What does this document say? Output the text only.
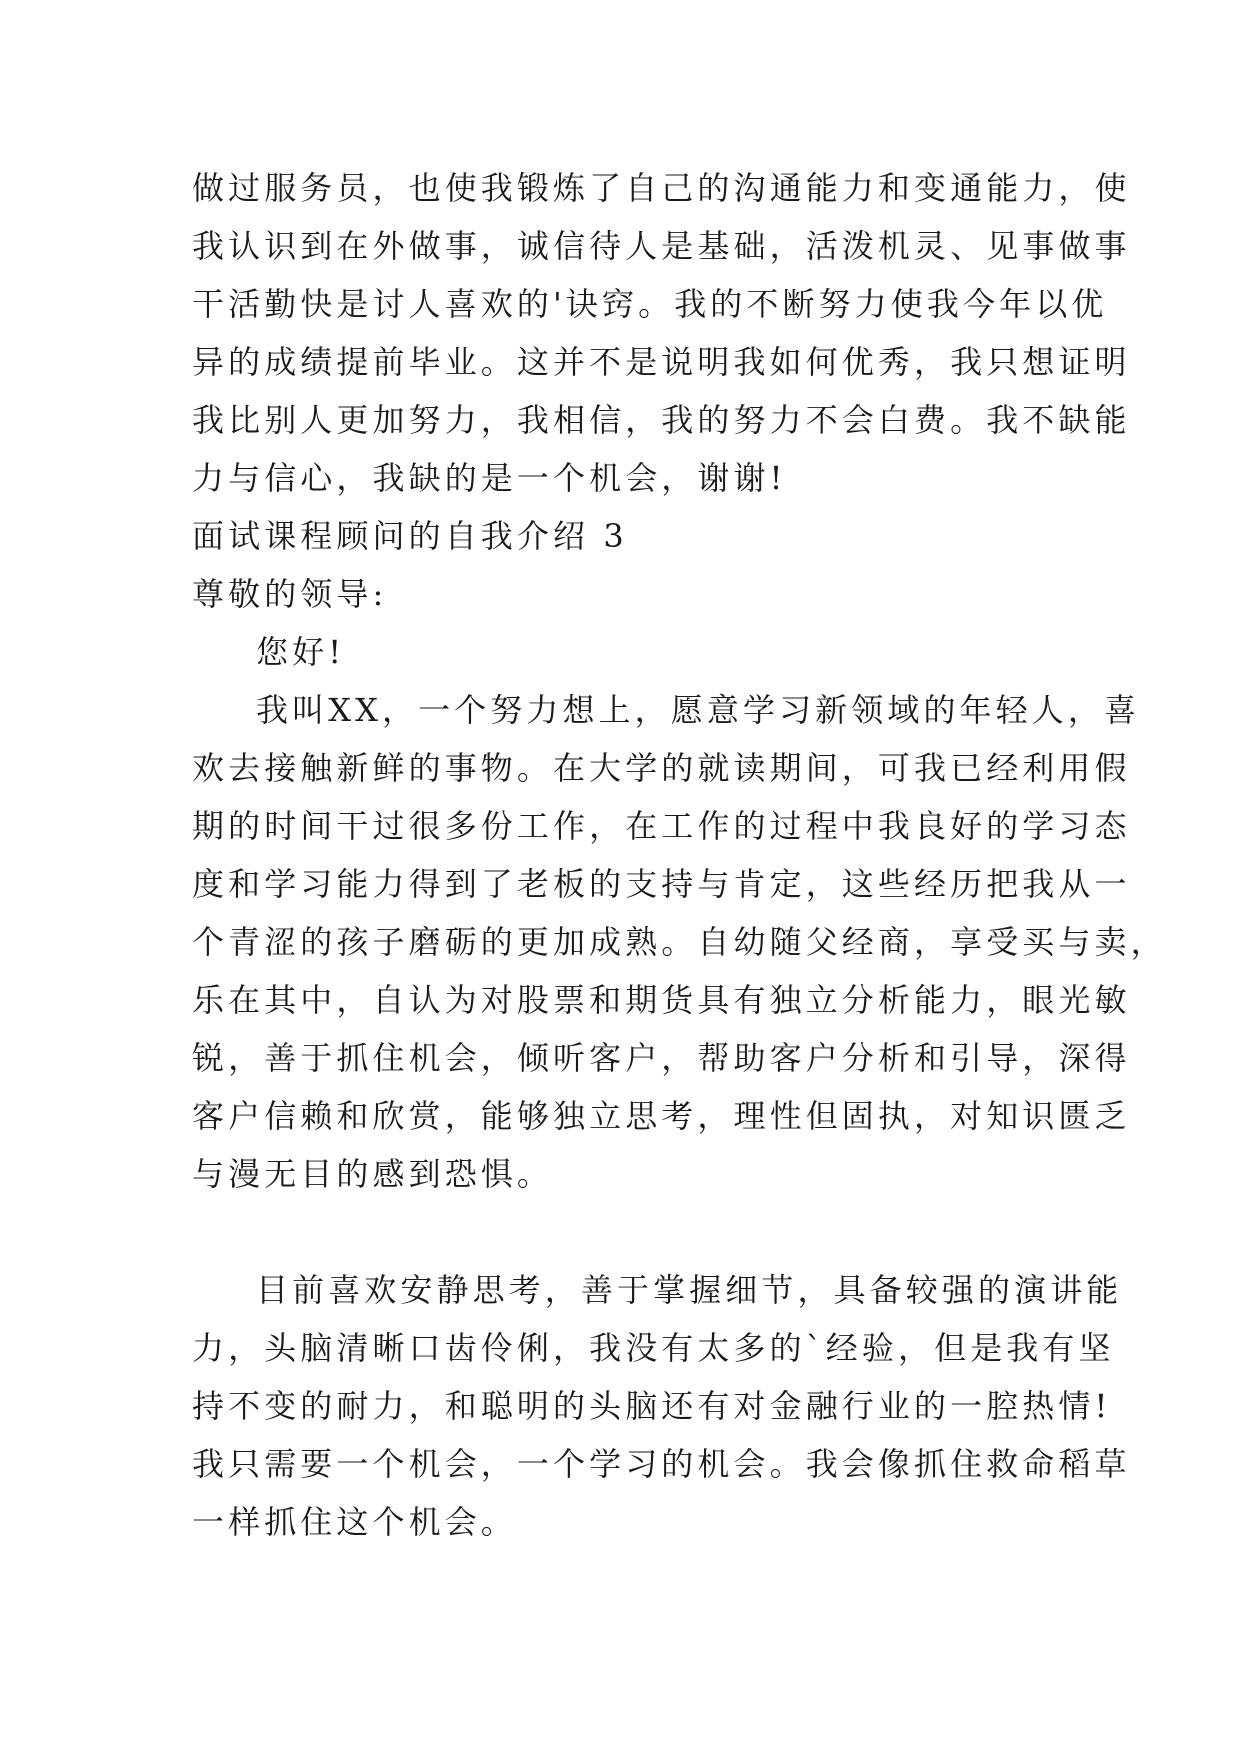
做过服务员，也使我锻炼了自己的沟通能力和变通能力，使
我认识到在外做事，诚信待人是基础，活泼机灵、见事做事
干活勤快是讨人喜欢的'诀窍。我的不断努力使我今年以优
异的成绩提前毕业。这并不是说明我如何优秀，我只想证明
我比别人更加努力，我相信，我的努力不会白费。我不缺能
力与信心，我缺的是一个机会，谢谢!
面试课程顾问的自我介绍 3
尊敬的领导:
您好!
我叫XX，一个努力想上，愿意学习新领域的年轻人，喜
欢去接触新鲜的事物。在大学的就读期间，可我已经利用假
期的时间干过很多份工作，在工作的过程中我良好的学习态
度和学习能力得到了老板的支持与肯定，这些经历把我从一
个青涩的孩子磨砺的更加成熟。自幼随父经商，享受买与卖，
乐在其中，自认为对股票和期货具有独立分析能力，眼光敏
锐，善于抓住机会，倾听客户，帮助客户分析和引导，深得
客户信赖和欣赏，能够独立思考，理性但固执，对知识匮乏
与漫无目的感到恐惧。
目前喜欢安静思考，善于掌握细节，具备较强的演讲能
力，头脑清晰口齿伶俐，我没有太多的`经验，但是我有坚
持不变的耐力，和聪明的头脑还有对金融行业的一腔热情!
我只需要一个机会，一个学习的机会。我会像抓住救命稻草
一样抓住这个机会。
